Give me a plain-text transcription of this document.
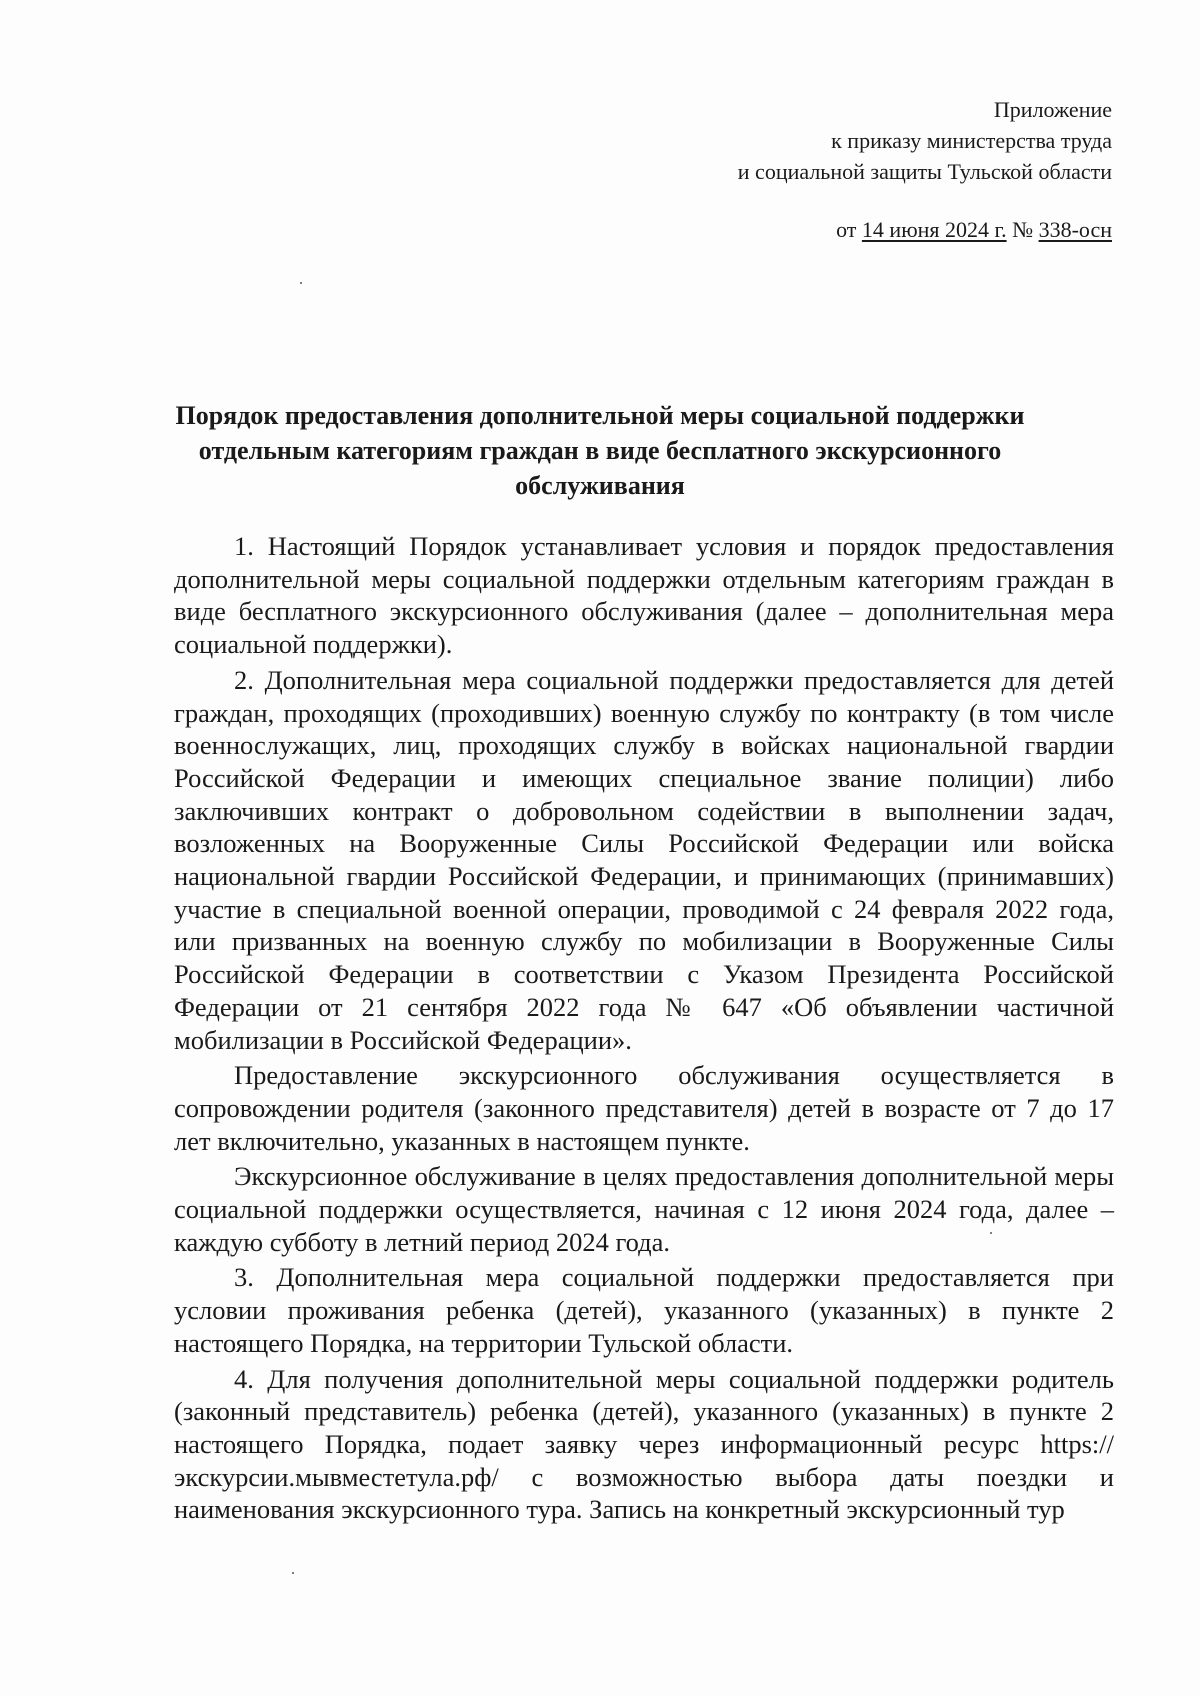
Приложение
к приказу министерства труда
и социальной защиты Тульской области
от 14 июня 2024 г. № 338-осн
Порядок предоставления дополнительной меры социальной поддержки
отдельным категориям граждан в виде бесплатного экскурсионного
обслуживания

1. Настоящий Порядок устанавливает условия и порядок предоставления дополнительной меры социальной поддержки отдельным категориям граждан в виде бесплатного экскурсионного обслуживания (далее – дополнительная мера социальной поддержки).

2. Дополнительная мера социальной поддержки предоставляется для детей граждан, проходящих (проходивших) военную службу по контракту (в том числе военнослужащих, лиц, проходящих службу в войсках национальной гвардии Российской Федерации и имеющих специальное звание полиции) либо заключивших контракт о добровольном содействии в выполнении задач, возложенных на Вооруженные Силы Российской Федерации или войска национальной гвардии Российской Федерации, и принимающих (принимавших) участие в специальной военной операции, проводимой с 24 февраля 2022 года, или призванных на военную службу по мобилизации в Вооруженные Силы Российской Федерации в соответствии с Указом Президента Российской Федерации от 21 сентября 2022 года № 647 «Об объявлении частичной мобилизации в Российской Федерации».

Предоставление экскурсионного обслуживания осуществляется в сопровождении родителя (законного представителя) детей в возрасте от 7 до 17 лет включительно, указанных в настоящем пункте.

Экскурсионное обслуживание в целях предоставления дополнительной меры социальной поддержки осуществляется, начиная с 12 июня 2024 года, далее – каждую субботу в летний период 2024 года.

3. Дополнительная мера социальной поддержки предоставляется при условии проживания ребенка (детей), указанного (указанных) в пункте 2 настоящего Порядка, на территории Тульской области.

4. Для получения дополнительной меры социальной поддержки родитель (законный представитель) ребенка (детей), указанного (указанных) в пункте 2 настоящего Порядка, подает заявку через информационный ресурс https://экскурсии.мывместетула.рф/ с возможностью выбора даты поездки и наименования экскурсионного тура. Запись на конкретный экскурсионный тур
